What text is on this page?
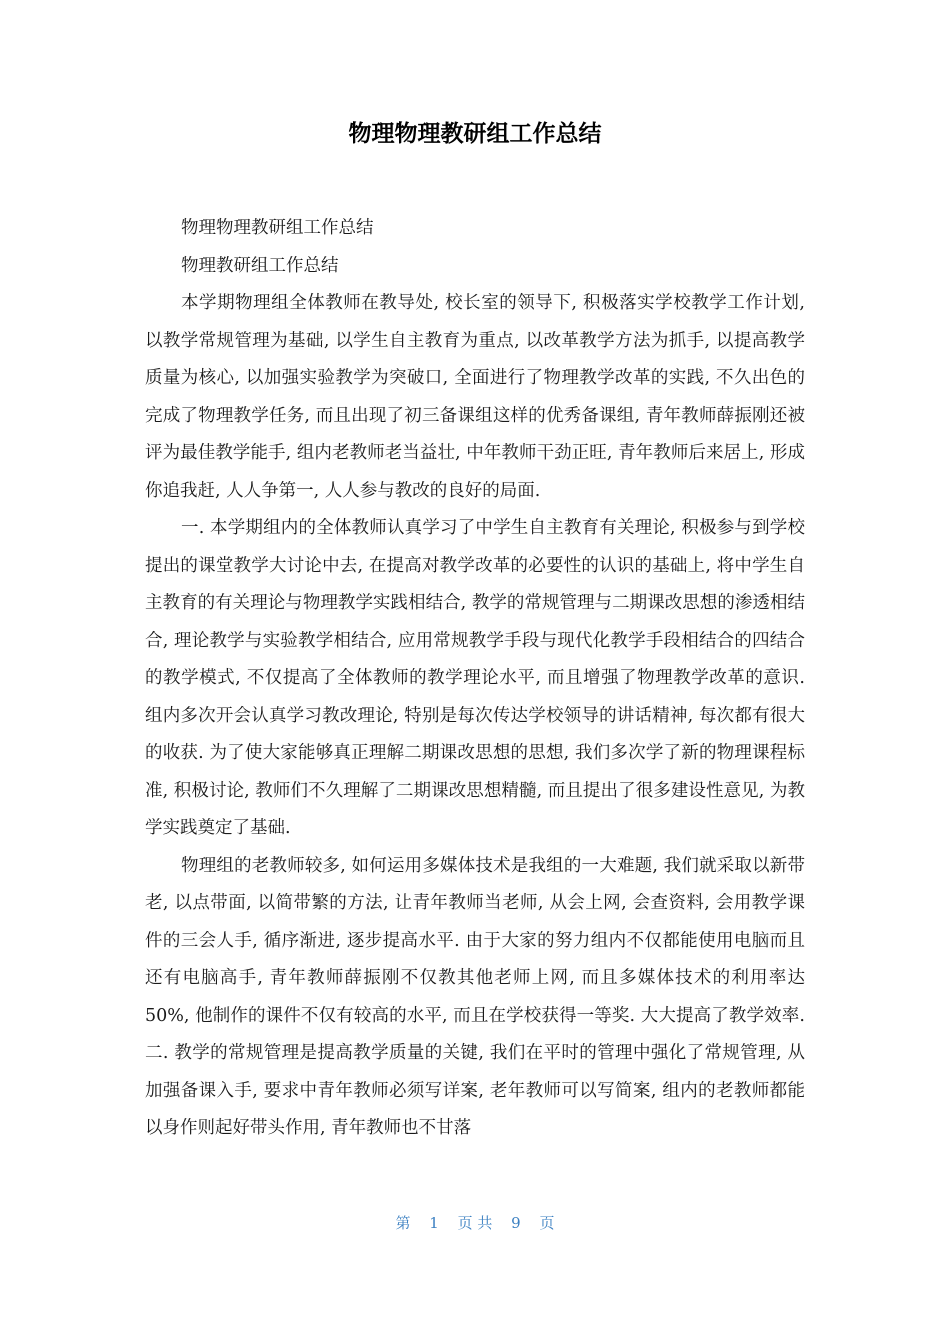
物理物理教研组工作总结

物理物理教研组工作总结

物理教研组工作总结

本学期物理组全体教师在教导处, 校长室的领导下, 积极落实学校教学工作计划, 以教学常规管理为基础, 以学生自主教育为重点, 以改革教学方法为抓手, 以提高教学质量为核心, 以加强实验教学为突破口, 全面进行了物理教学改革的实践, 不久出色的完成了物理教学任务, 而且出现了初三备课组这样的优秀备课组, 青年教师薛振刚还被评为最佳教学能手, 组内老教师老当益壮, 中年教师干劲正旺, 青年教师后来居上, 形成你追我赶, 人人争第一, 人人参与教改的良好的局面.

一. 本学期组内的全体教师认真学习了中学生自主教育有关理论, 积极参与到学校提出的课堂教学大讨论中去, 在提高对教学改革的必要性的认识的基础上, 将中学生自主教育的有关理论与物理教学实践相结合, 教学的常规管理与二期课改思想的渗透相结合, 理论教学与实验教学相结合, 应用常规教学手段与现代化教学手段相结合的四结合的教学模式, 不仅提高了全体教师的教学理论水平, 而且增强了物理教学改革的意识. 组内多次开会认真学习教改理论, 特别是每次传达学校领导的讲话精神, 每次都有很大的收获. 为了使大家能够真正理解二期课改思想的思想, 我们多次学了新的物理课程标准, 积极讨论, 教师们不久理解了二期课改思想精髓, 而且提出了很多建设性意见, 为教学实践奠定了基础.

物理组的老教师较多, 如何运用多媒体技术是我组的一大难题, 我们就采取以新带老, 以点带面, 以简带繁的方法, 让青年教师当老师, 从会上网, 会查资料, 会用教学课件的三会人手, 循序渐进, 逐步提高水平. 由于大家的努力组内不仅都能使用电脑而且还有电脑高手, 青年教师薛振刚不仅教其他老师上网, 而且多媒体技术的利用率达 50%, 他制作的课件不仅有较高的水平, 而且在学校获得一等奖. 大大提高了教学效率. 二. 教学的常规管理是提高教学质量的关键, 我们在平时的管理中强化了常规管理, 从加强备课入手, 要求中青年教师必须写详案, 老年教师可以写简案, 组内的老教师都能以身作则起好带头作用, 青年教师也不甘落

第 1 页 共 9 页
